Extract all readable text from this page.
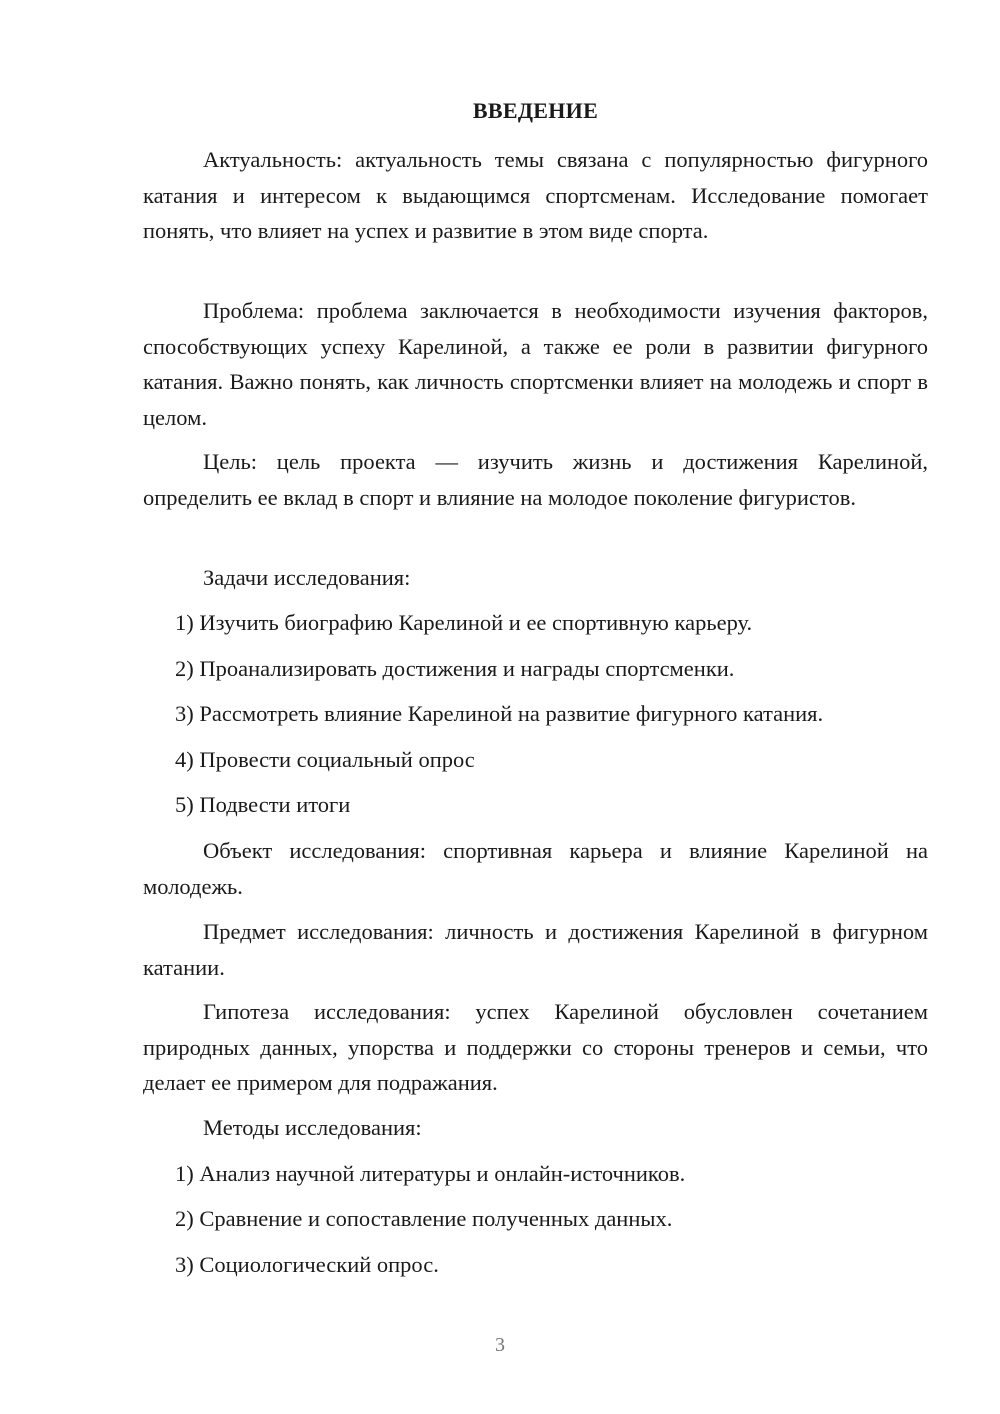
ВВЕДЕНИЕ

Актуальность: актуальность темы связана с популярностью фигурного катания и интересом к выдающимся спортсменам. Исследование помогает понять, что влияет на успех и развитие в этом виде спорта.

Проблема: проблема заключается в необходимости изучения факторов, способствующих успеху Карелиной, а также ее роли в развитии фигурного катания. Важно понять, как личность спортсменки влияет на молодежь и спорт в целом.

Цель: цель проекта — изучить жизнь и достижения Карелиной, определить ее вклад в спорт и влияние на молодое поколение фигуристов.

Задачи исследования:

1) Изучить биографию Карелиной и ее спортивную карьеру.

2) Проанализировать достижения и награды спортсменки.

3) Рассмотреть влияние Карелиной на развитие фигурного катания.

4) Провести социальный опрос

5) Подвести итоги

Объект исследования: спортивная карьера и влияние Карелиной на молодежь.

Предмет исследования: личность и достижения Карелиной в фигурном катании.

Гипотеза исследования: успех Карелиной обусловлен сочетанием природных данных, упорства и поддержки со стороны тренеров и семьи, что делает ее примером для подражания.

Методы исследования:

1) Анализ научной литературы и онлайн-источников.

2) Сравнение и сопоставление полученных данных.

3) Социологический опрос.

3
